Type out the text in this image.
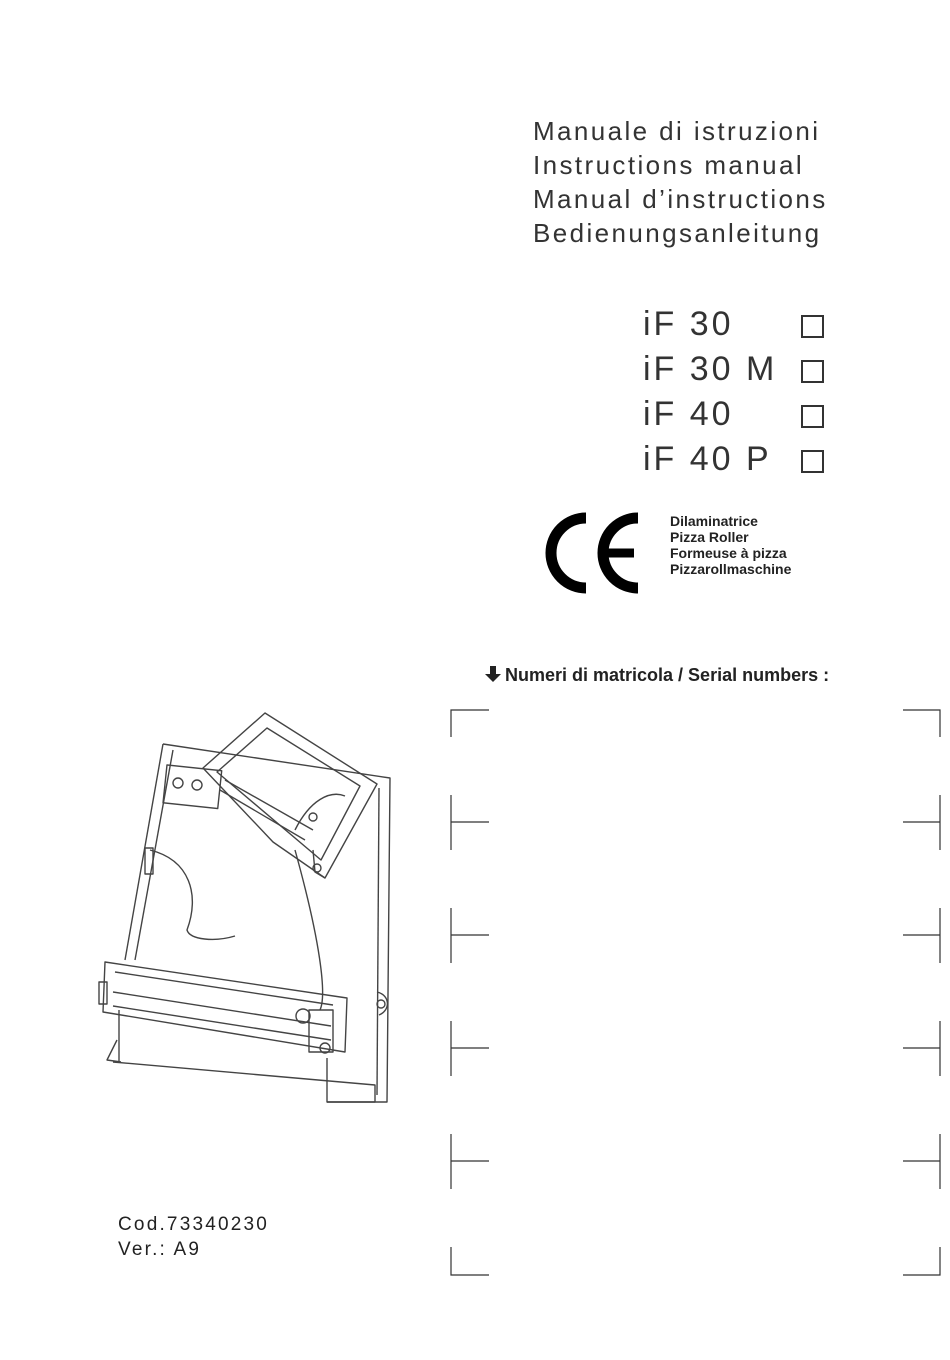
Manuale di istruzioni
Instructions manual
Manual d’instructions
Bedienungsanleitung
iF 30
iF 30 M
iF 40
iF 40 P
Dilaminatrice
Pizza Roller
Formeuse à pizza
Pizzarollmaschine
Numeri di matricola / Serial numbers :
Cod.73340230
Ver.: A9
